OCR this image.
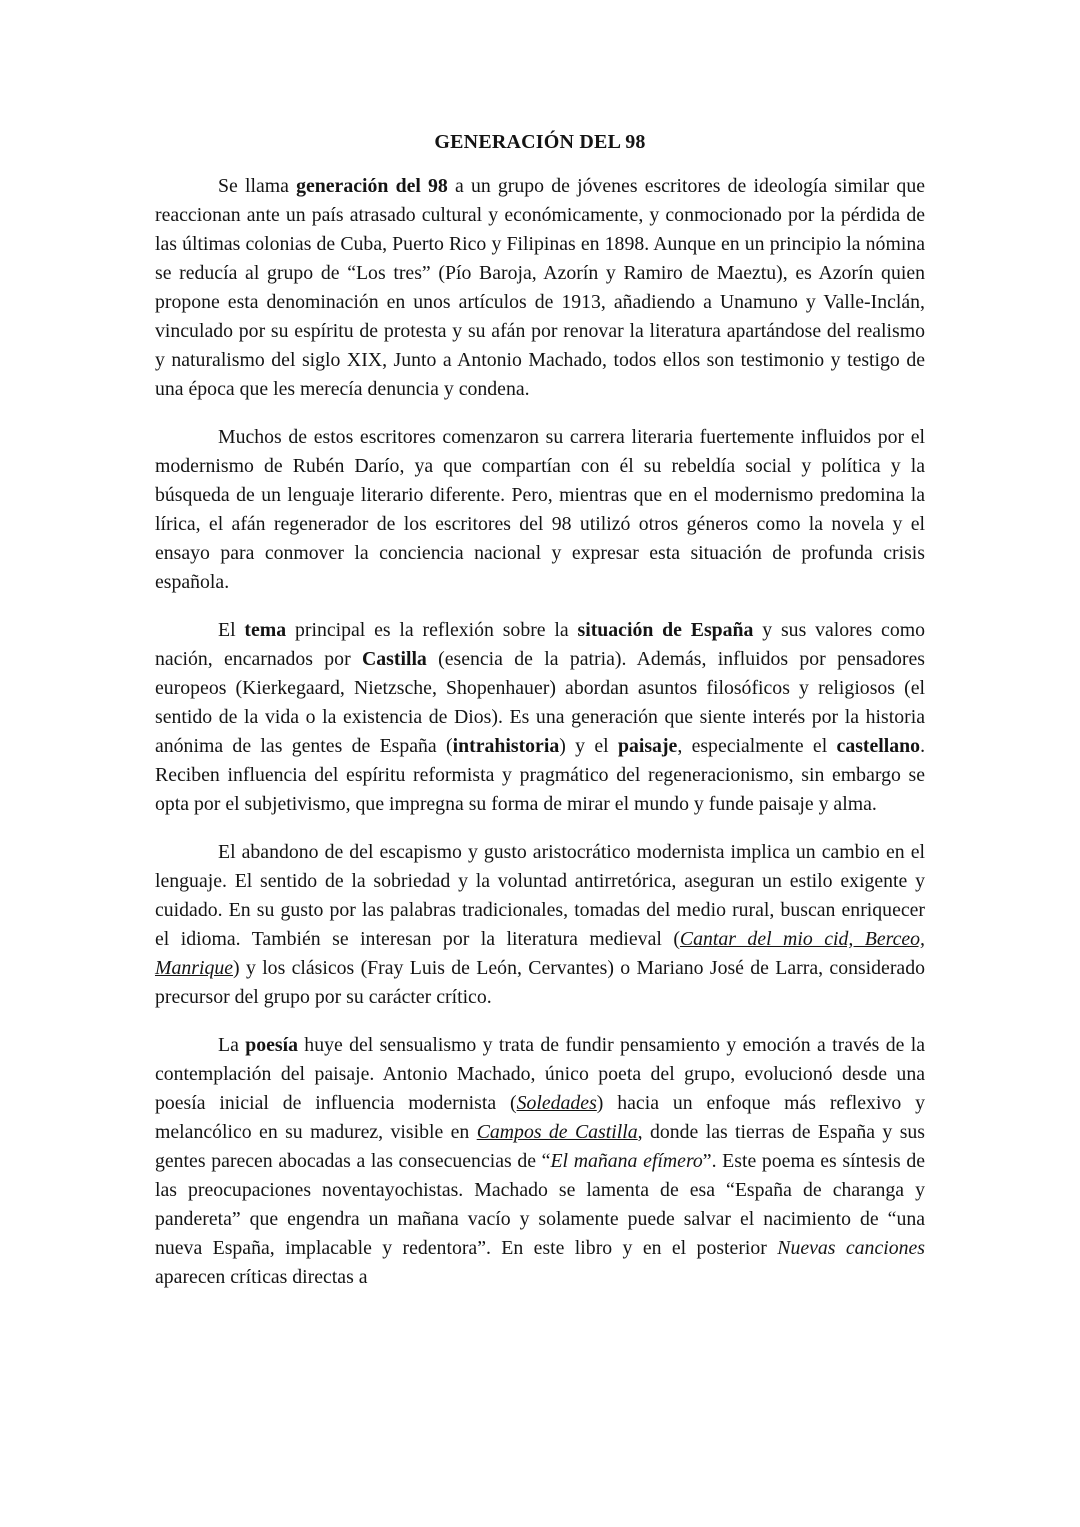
GENERACIÓN DEL 98

Se llama generación del 98 a un grupo de jóvenes escritores de ideología similar que reaccionan ante un país atrasado cultural y económicamente, y conmocionado por la pérdida de las últimas colonias de Cuba, Puerto Rico y Filipinas en 1898. Aunque en un principio la nómina se reducía al grupo de “Los tres” (Pío Baroja, Azorín y Ramiro de Maeztu), es Azorín quien propone esta denominación en unos artículos de 1913, añadiendo a Unamuno y Valle-Inclán, vinculado por su espíritu de protesta y su afán por renovar la literatura apartándose del realismo y naturalismo del siglo XIX, Junto a Antonio Machado, todos ellos son testimonio y testigo de una época que les merecía denuncia y condena.

Muchos de estos escritores comenzaron su carrera literaria fuertemente influidos por el modernismo de Rubén Darío, ya que compartían con él su rebeldía social y política y la búsqueda de un lenguaje literario diferente. Pero, mientras que en el modernismo predomina la lírica, el afán regenerador de los escritores del 98 utilizó otros géneros como la novela y el ensayo para conmover la conciencia nacional y expresar esta situación de profunda crisis española.

El tema principal es la reflexión sobre la situación de España y sus valores como nación, encarnados por Castilla (esencia de la patria). Además, influidos por pensadores europeos (Kierkegaard, Nietzsche, Shopenhauer) abordan asuntos filosóficos y religiosos (el sentido de la vida o la existencia de Dios). Es una generación que siente interés por la historia anónima de las gentes de España (intrahistoria) y el paisaje, especialmente el castellano. Reciben influencia del espíritu reformista y pragmático del regeneracionismo, sin embargo se opta por el subjetivismo, que impregna su forma de mirar el mundo y funde paisaje y alma.

El abandono de del escapismo y gusto aristocrático modernista implica un cambio en el lenguaje. El sentido de la sobriedad y la voluntad antirretórica, aseguran un estilo exigente y cuidado. En su gusto por las palabras tradicionales, tomadas del medio rural, buscan enriquecer el idioma. También se interesan por la literatura medieval (Cantar del mio cid, Berceo, Manrique) y los clásicos (Fray Luis de León, Cervantes) o Mariano José de Larra, considerado precursor del grupo por su carácter crítico.

La poesía huye del sensualismo y trata de fundir pensamiento y emoción a través de la contemplación del paisaje. Antonio Machado, único poeta del grupo, evolucionó desde una poesía inicial de influencia modernista (Soledades) hacia un enfoque más reflexivo y melancólico en su madurez, visible en Campos de Castilla, donde las tierras de España y sus gentes parecen abocadas a las consecuencias de “El mañana efímero”. Este poema es síntesis de las preocupaciones noventayochistas. Machado se lamenta de esa “España de charanga y pandereta” que engendra un mañana vacío y solamente puede salvar el nacimiento de “una nueva España, implacable y redentora”. En este libro y en el posterior Nuevas canciones aparecen críticas directas a
